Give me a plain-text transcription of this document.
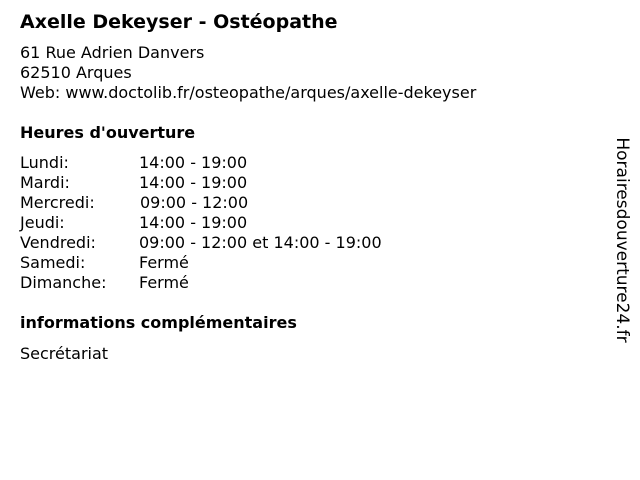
Axelle Dekeyser - Ostéopathe
61 Rue Adrien Danvers
62510 Arques
Web: www.doctolib.fr/osteopathe/arques/axelle-dekeyser
Heures d'ouverture
Lundi:	14:00 - 19:00
Mardi:	14:00 - 19:00
Mercredi:	09:00 - 12:00
Jeudi:	14:00 - 19:00
Vendredi:	09:00 - 12:00 et 14:00 - 19:00
Samedi:	Fermé
Dimanche: Fermé
informations complémentaires
Secrétariat
Horairesdouverture24.fr
